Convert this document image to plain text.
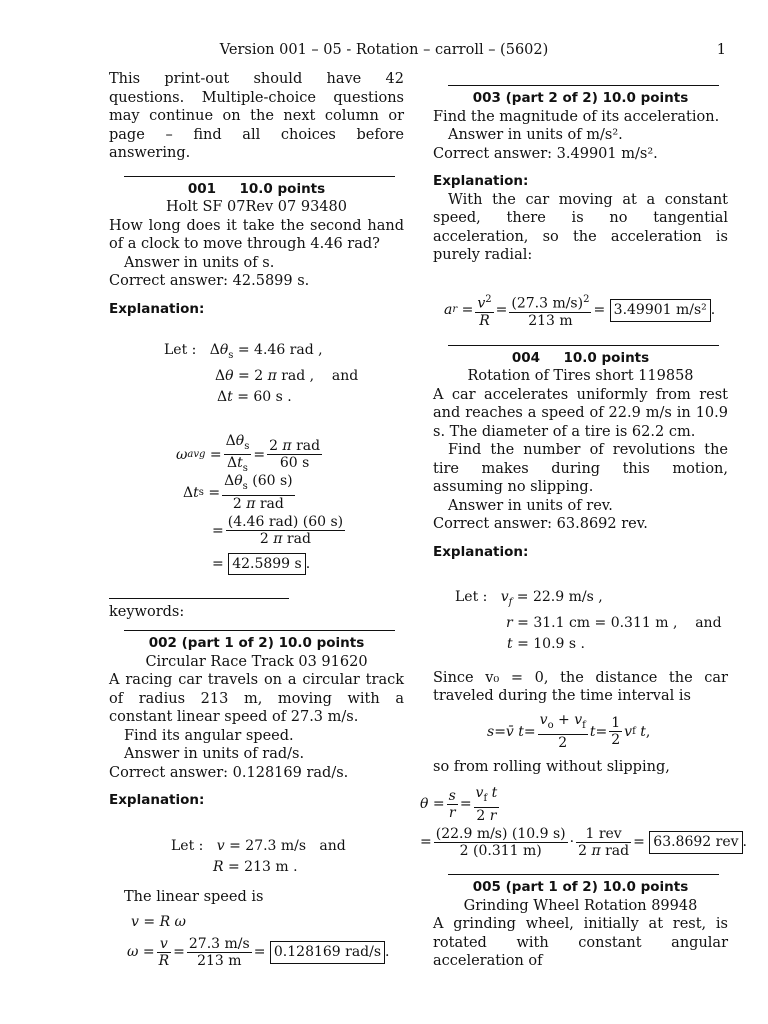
Version 001 – 05 - Rotation – carroll – (5602)	1

This print-out should have 42 questions. Multiple-choice questions may continue on the next column or page – find all choices before answering.

001     10.0 points
Holt SF 07Rev 07 93480

How long does it take the second hand of a clock to move through 4.46 rad?

Answer in units of s.

Correct answer: 42.5899 s.

Explanation:
Let :   $\Delta\theta_s = 4.46$ rad ,
Δθ = 2 π rad ,    and
Δt = 60 s .
ω avg = $\frac{\Delta\theta_s}{\Delta t_s} = \frac{\text{2 π rad}}{60 s}$
Δ t $s = \frac{\Delta\theta_s (60 s)}{\text{2 π rad}}$
= $\frac{\text{(4.46 rad) (60 s)}}{\text{2 π rad}}$
= 42.5899 s .

keywords:

002 (part 1 of 2) 10.0 points
Circular Race Track 03 91620

A racing car travels on a circular track of radius 213 m, moving with a constant linear speed of 27.3 m/s.

Find its angular speed.

Answer in units of rad/s.

Correct answer: 0.128169 rad/s.

Explanation:
Let :   v = 27.3 m/s   and
R = 213 m .

The linear speed is

v = R ω
$\omega = \frac{v}{R} = \frac{27.3 m/s}{213 m} = 0.128169$ rad/s .
003 (part 2 of 2) 10.0 points

Find the magnitude of its acceleration.

Answer in units of m/s².

Correct answer: 3.49901 m/s².

Explanation:

With the car moving at a constant speed, there is no tangential acceleration, so the acceleration is purely radial:

a $r = \frac{v^2}{R} = \frac{(27.3 m/s)^2}{213 m} = 3.49901$ m/s² .
004     10.0 points
Rotation of Tires short 119858

A car accelerates uniformly from rest and reaches a speed of 22.9 m/s in 10.9 s. The diameter of a tire is 62.2 cm.

Find the number of revolutions the tire makes during this motion, assuming no slipping.

Answer in units of rev.

Correct answer: 63.8692 rev.

Explanation:
Let :   $v_f = 22.9$ m/s ,
r = 31.1 cm = 0.311 m ,    and
t = 10.9 s .

Since v₀ = 0, the distance the car traveled during the time interval is

s = v̄ $t = \frac{v_o + v_f}{2}$ $t = \frac{1}{2}$ v f
t ,

so from rolling without slipping,

$\theta = \frac{s}{r} = \frac{v_f t}{2 r}$
= $\frac{(22.9 m/s) (10.9 s)}{2 (0.311 m)} \cdot \frac{\text{1 rev}}{\text{2 π rad}} = 63.8692$ rev .
005 (part 1 of 2) 10.0 points
Grinding Wheel Rotation 89948

A grinding wheel, initially at rest, is rotated with constant angular acceleration of
